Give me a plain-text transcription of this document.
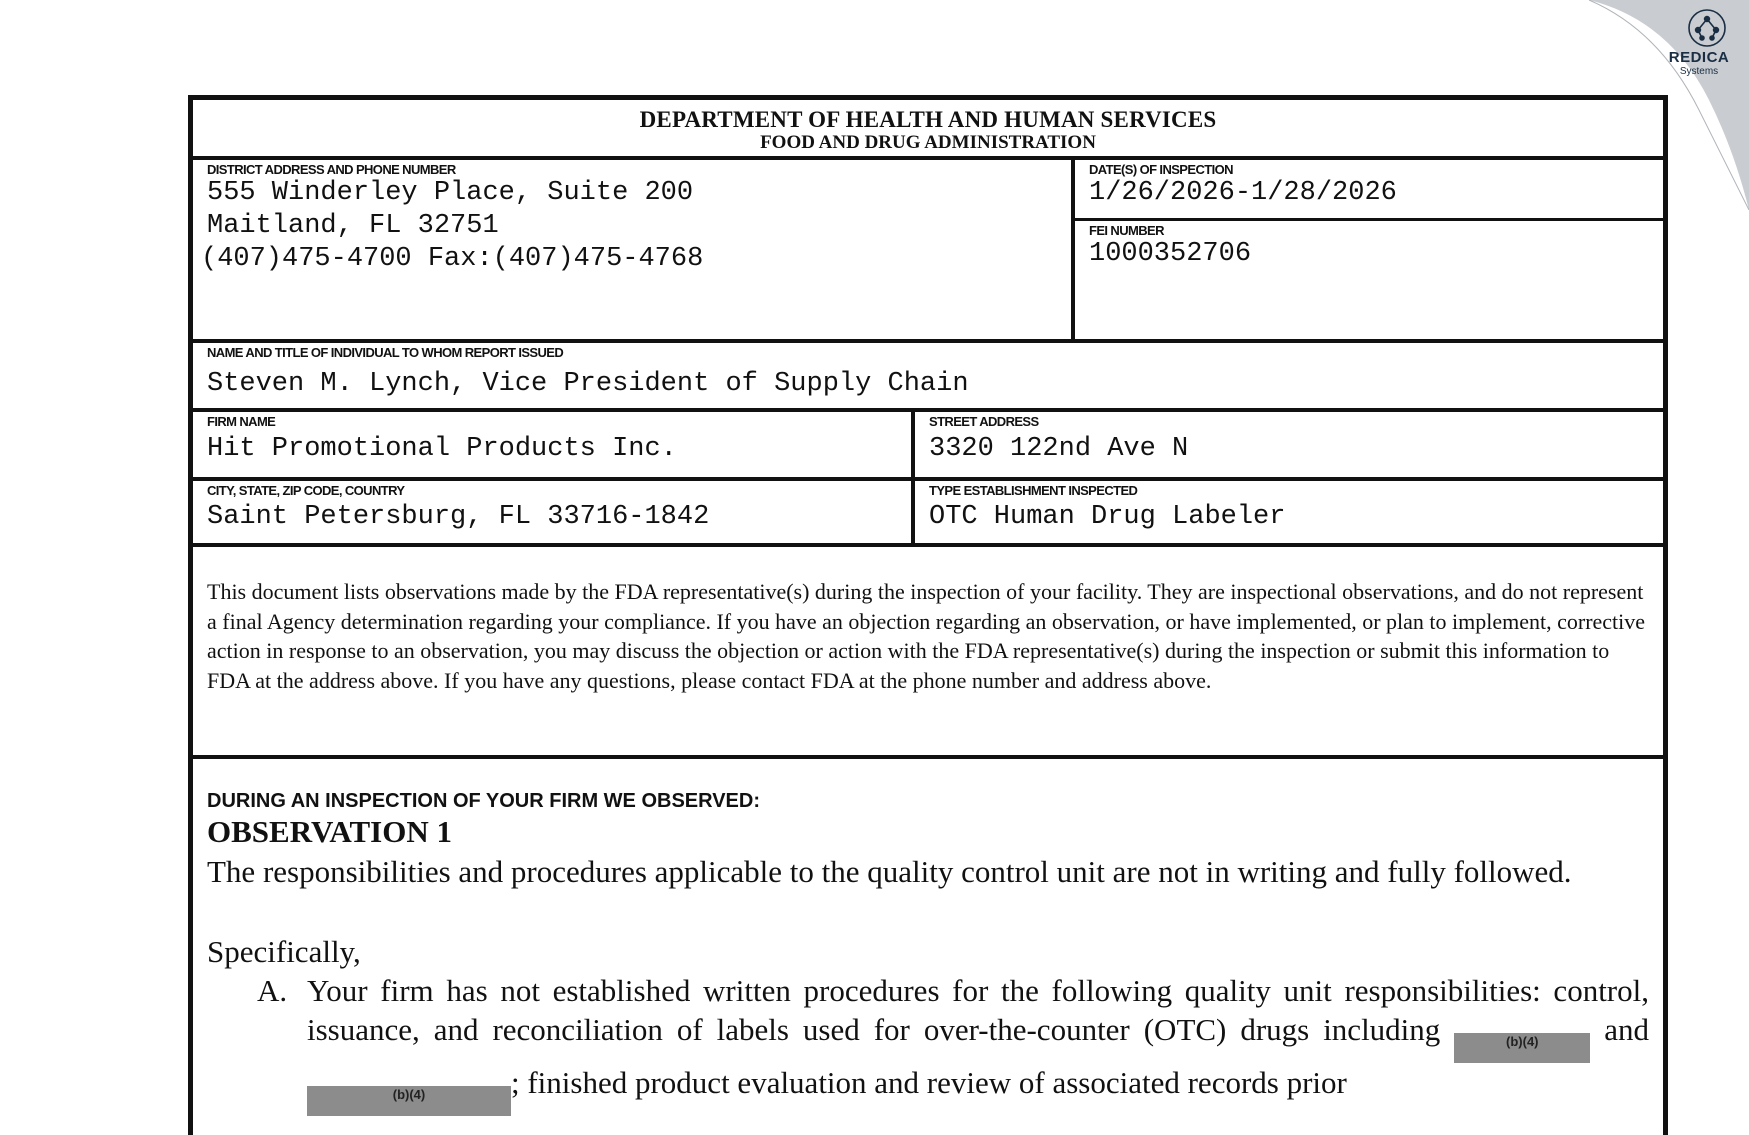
REDICA
Systems
DEPARTMENT OF HEALTH AND HUMAN SERVICES
FOOD AND DRUG ADMINISTRATION
DISTRICT ADDRESS AND PHONE NUMBER
555 Winderley Place, Suite 200
Maitland, FL 32751
(407)475-4700 Fax:(407)475-4768
DATE(S) OF INSPECTION
1/26/2026-1/28/2026
FEI NUMBER
1000352706
NAME AND TITLE OF INDIVIDUAL TO WHOM REPORT ISSUED
Steven M. Lynch, Vice President of Supply Chain
FIRM NAME
Hit Promotional Products Inc.
STREET ADDRESS
3320 122nd Ave N
CITY, STATE, ZIP CODE, COUNTRY
Saint Petersburg, FL 33716-1842
TYPE ESTABLISHMENT INSPECTED
OTC Human Drug Labeler
This document lists observations made by the FDA representative(s) during the inspection of your facility. They are inspectional observations, and do not represent a final Agency determination regarding your compliance. If you have an objection regarding an observation, or have implemented, or plan to implement, corrective action in response to an observation, you may discuss the objection or action with the FDA representative(s) during the inspection or submit this information to FDA at the address above. If you have any questions, please contact FDA at the phone number and address above.
DURING AN INSPECTION OF YOUR FIRM WE OBSERVED:
OBSERVATION 1
The responsibilities and procedures applicable to the quality control unit are not in writing and fully followed.
Specifically,
A. Your firm has not established written procedures for the following quality unit responsibilities: control, issuance, and reconciliation of labels used for over-the-counter (OTC) drugs including	(b)(4) and(b)(4)	; finished product evaluation and review of associated records prior
